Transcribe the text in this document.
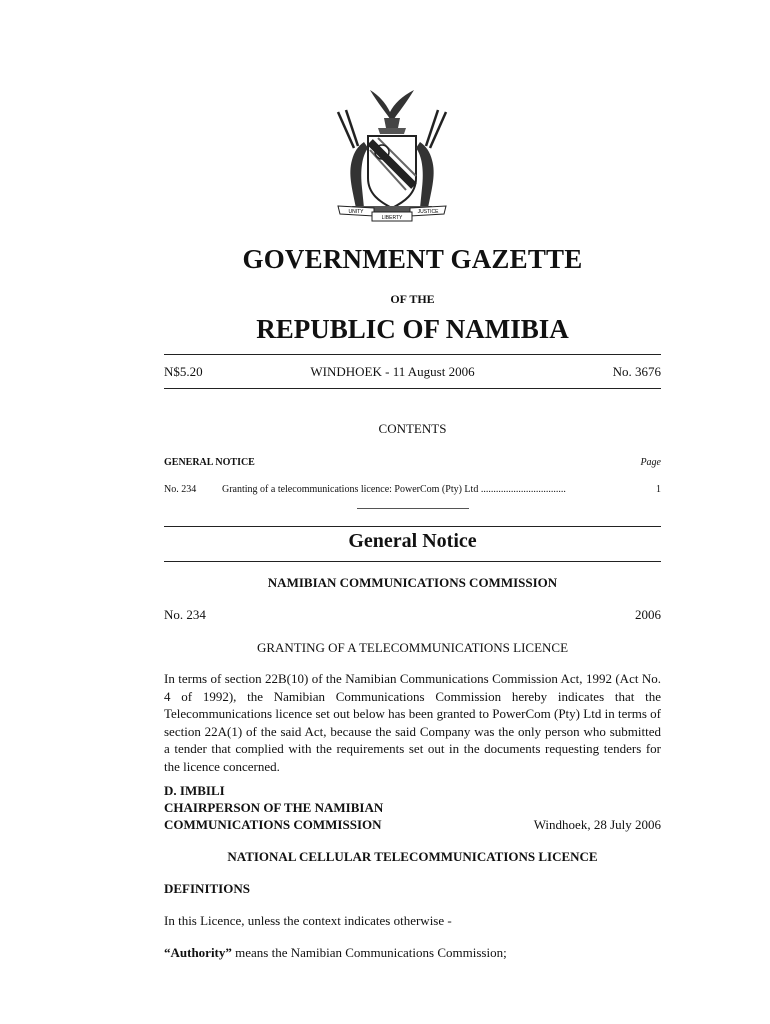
UNITY
LIBERTY
JUSTICE
GOVERNMENT GAZETTE
OF THE
REPUBLIC OF NAMIBIA
N$5.20	WINDHOEK - 11 August 2006	No. 3676
CONTENTS
GENERAL NOTICE	Page
No. 234	Granting of a telecommunications licence: PowerCom (Pty) Ltd ..................................	1
General Notice
NAMIBIAN COMMUNICATIONS COMMISSION
No. 234	2006
GRANTING OF A TELECOMMUNICATIONS LICENCE
In terms of section 22B(10) of the Namibian Communications Commission Act, 1992 (Act No. 4 of 1992), the Namibian Communications Commission hereby indicates that the Telecommunications licence set out below has been granted to PowerCom (Pty) Ltd in terms of section 22A(1) of the said Act, because the said Company was the only person who submitted a tender that complied with the requirements set out in the documents requesting tenders for the licence concerned.
D. IMBILI
CHAIRPERSON OF THE NAMIBIAN
COMMUNICATIONS COMMISSION	Windhoek, 28 July 2006
NATIONAL CELLULAR TELECOMMUNICATIONS LICENCE
DEFINITIONS
In this Licence, unless the context indicates otherwise -
“Authority” means the Namibian Communications Commission;
